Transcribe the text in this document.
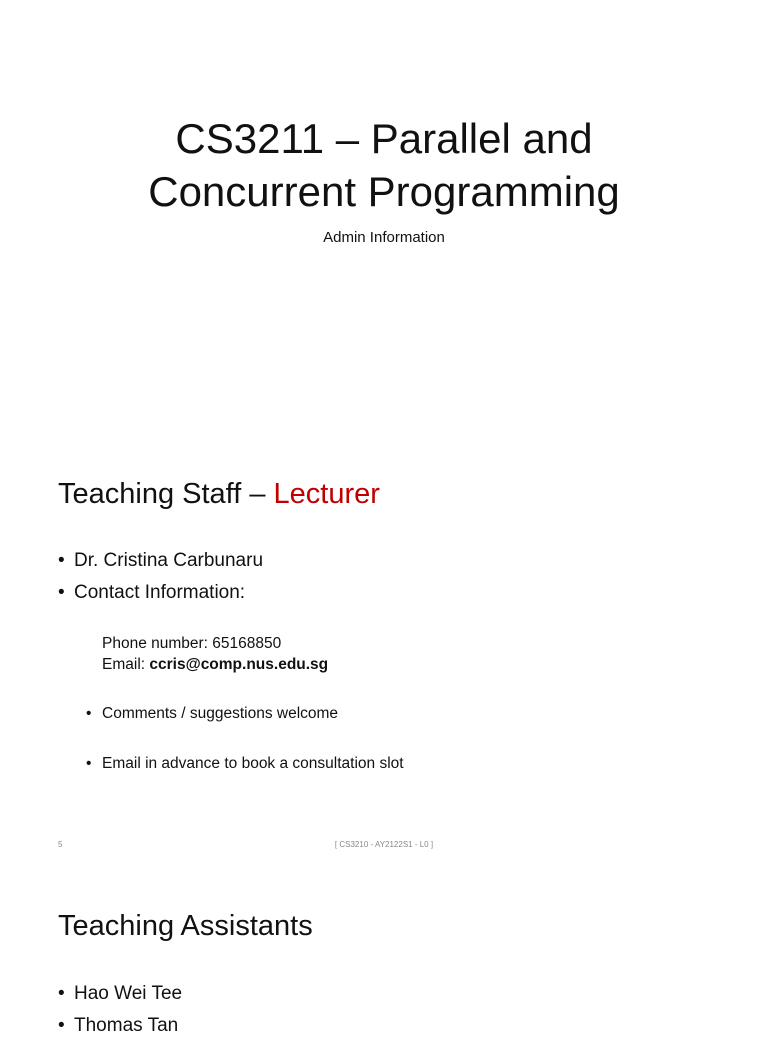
CS3211 – Parallel and
Concurrent Programming

Admin Information

Teaching Staff – Lecturer
• Dr. Cristina Carbunaru
• Contact Information:
Phone number: 65168850
Email: ccris@comp.nus.edu.sg
• Comments / suggestions welcome
• Email in advance to book a consultation slot
5	[ CS3210 - AY2122S1 - L0 ]
Teaching Assistants
• Hao Wei Tee
• Thomas Tan
